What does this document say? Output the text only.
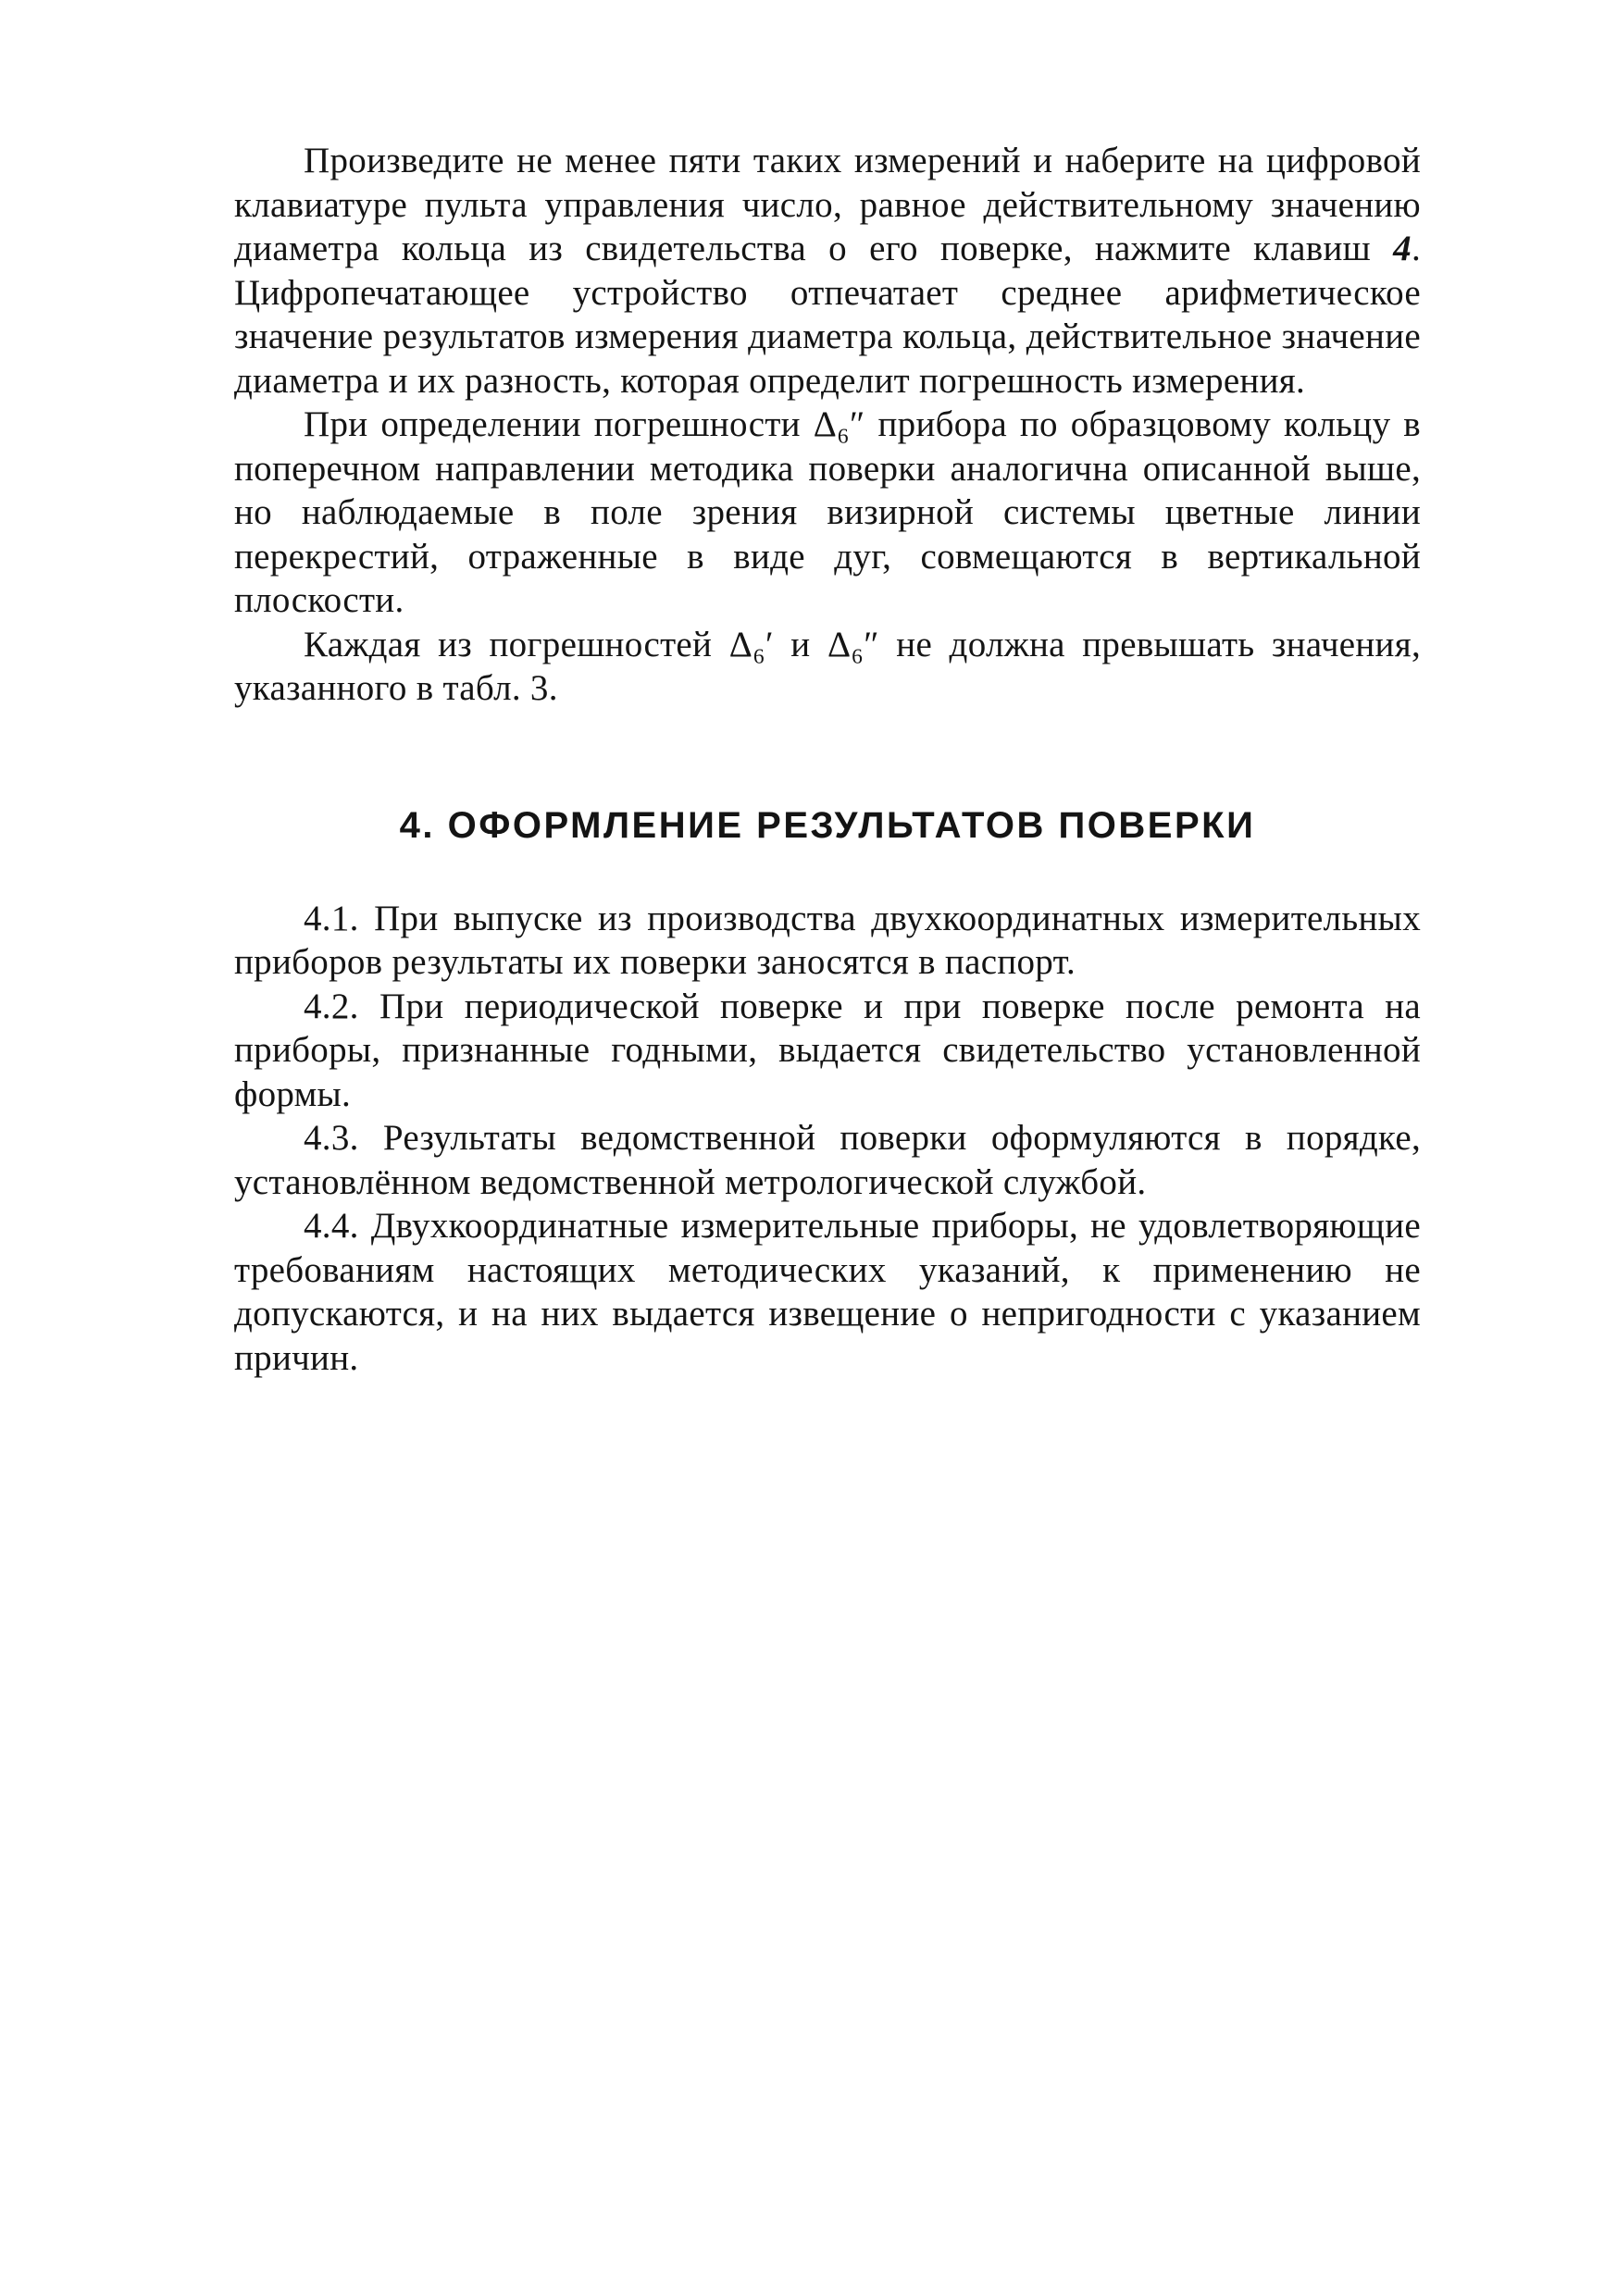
Произведите не менее пяти таких измерений и наберите на цифровой клавиатуре пульта управления число, равное действительному значению диаметра кольца из свидетельства о его поверке, нажмите клавиш 4. Цифропечатающее устройство отпечатает среднее арифметическое значение результатов измерения диаметра кольца, действительное значение диаметра и их разность, которая определит погрешность измерения.

При определении погрешности Δ₆″ прибора по образцовому кольцу в поперечном направлении методика поверки аналогична описанной выше, но наблюдаемые в поле зрения визирной системы цветные линии перекрестий, отраженные в виде дуг, совмещаются в вертикальной плоскости.

Каждая из погрешностей Δ₆′ и Δ₆″ не должна превышать значения, указанного в табл. 3.

4. ОФОРМЛЕНИЕ РЕЗУЛЬТАТОВ ПОВЕРКИ

4.1. При выпуске из производства двухкоординатных измерительных приборов результаты их поверки заносятся в паспорт.

4.2. При периодической поверке и при поверке после ремонта на приборы, признанные годными, выдается свидетельство установленной формы.

4.3. Результаты ведомственной поверки оформуляются в порядке, установлённом ведомственной метрологической службой.

4.4. Двухкоординатные измерительные приборы, не удовлетворяющие требованиям настоящих методических указаний, к применению не допускаются, и на них выдается извещение о непригодности с указанием причин.
